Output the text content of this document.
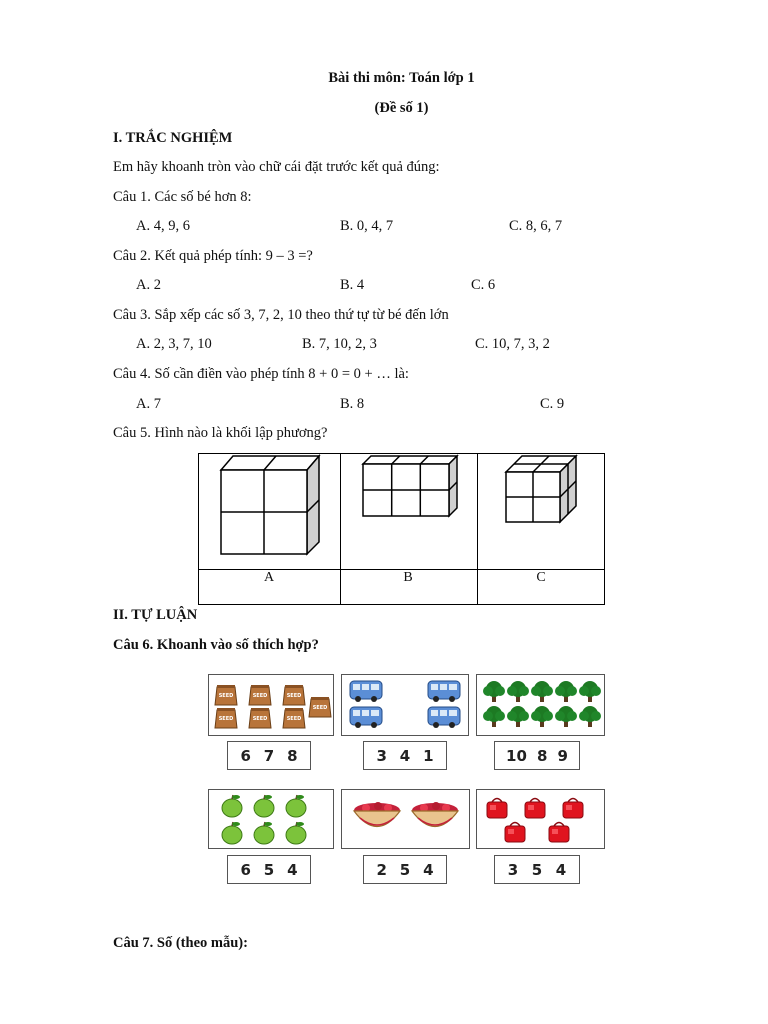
Bài thi môn: Toán lớp 1
(Đề số 1)
I. TRẮC NGHIỆM
Em hãy khoanh tròn vào chữ cái đặt trước kết quả đúng:
Câu 1. Các số bé hơn 8:
A. 4, 9, 6	B. 0, 4, 7	C. 8, 6, 7
Câu 2. Kết quả phép tính: 9 – 3 =?
A. 2	B. 4	C. 6
Câu 3. Sắp xếp các số 3, 7, 2, 10 theo thứ tự từ bé đến lớn
A. 2, 3, 7, 10	B. 7, 10, 2, 3	C. 10, 7, 3, 2
Câu 4. Số cần điền vào phép tính 8 + 0 = 0 + … là:
A. 7	B. 8	C. 9
Câu 5. Hình nào là khối lập phương?
A	B	C
II. TỰ LUẬN
Câu 6. Khoanh vào số thích hợp?
SEED	SEED	SEED
SEED	SEED	SEED
SEED
6 7 8	3 4 1	10 8 9
6 5 4	2 5 4	3 5 4
Câu 7. Số (theo mẫu):
